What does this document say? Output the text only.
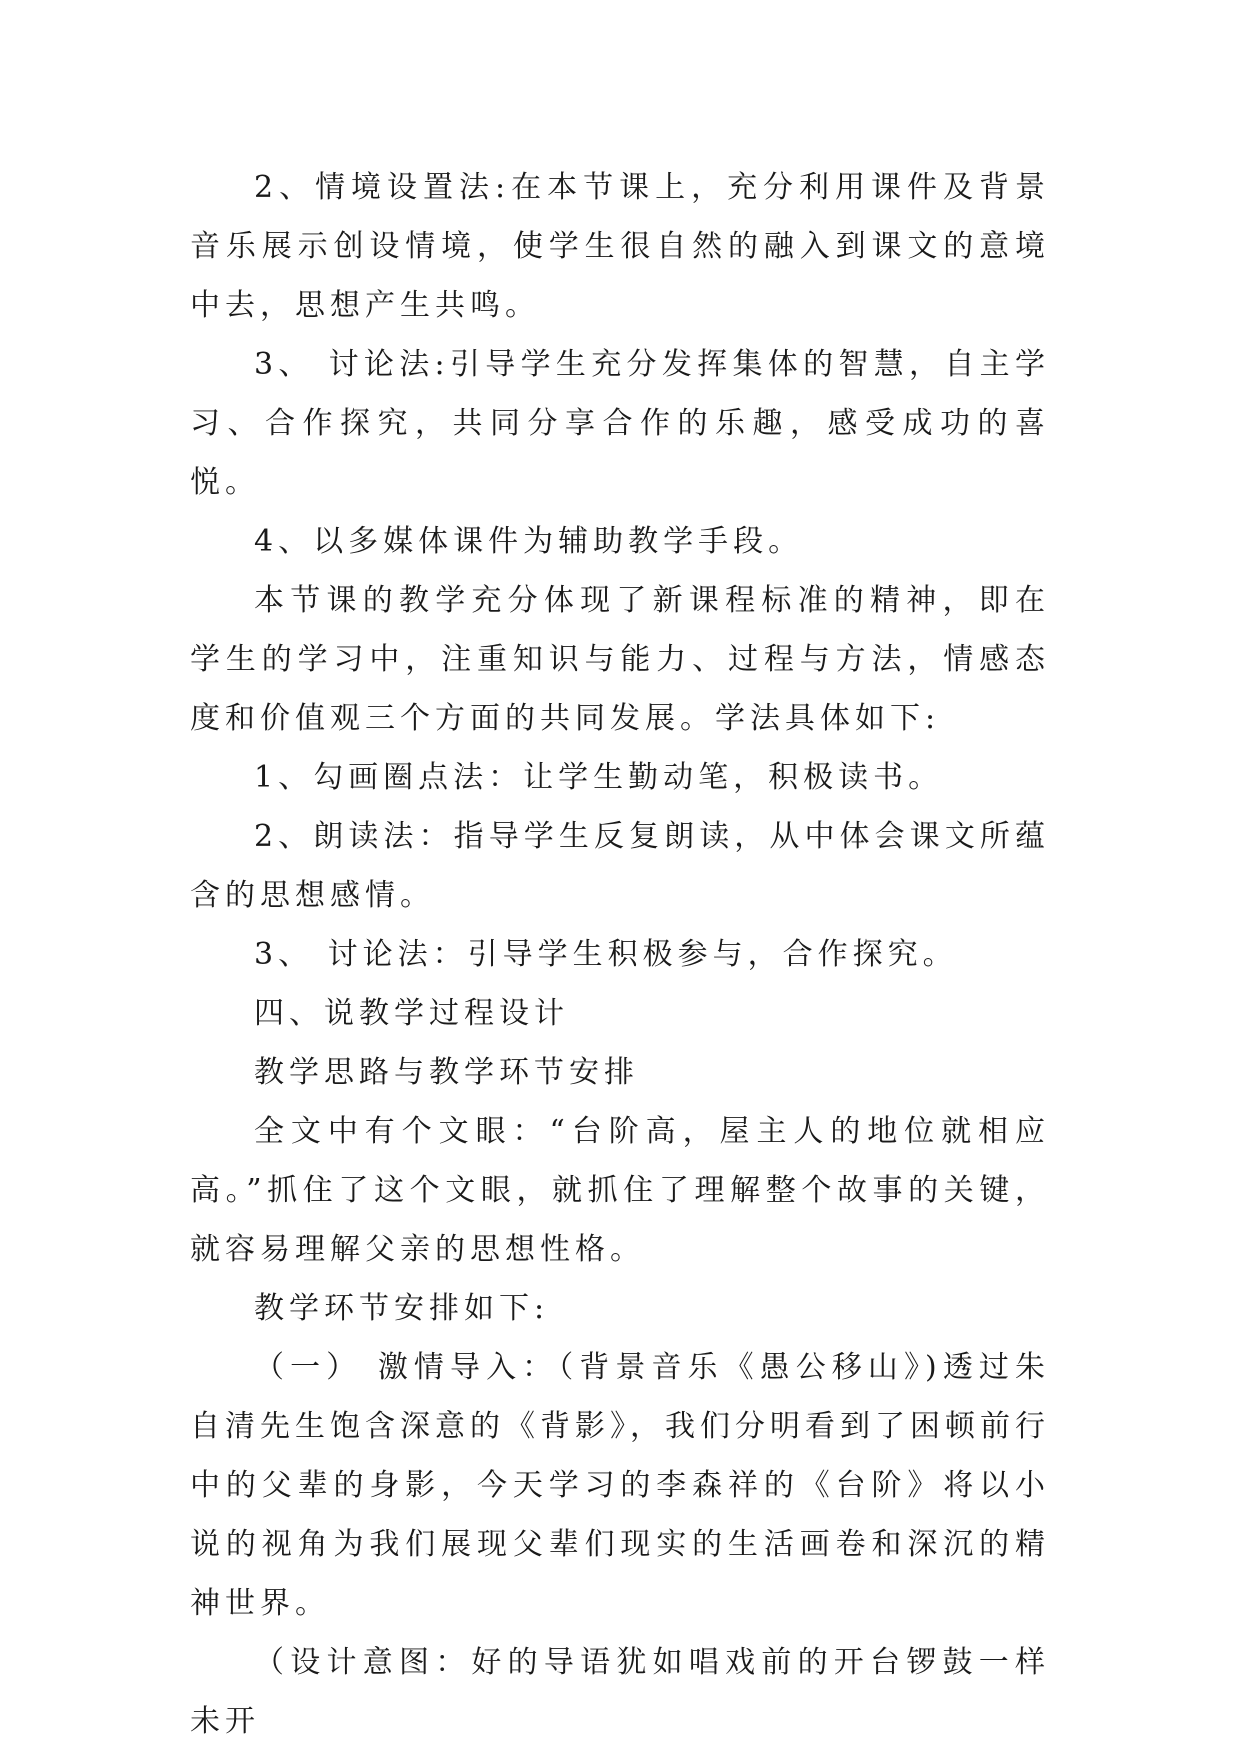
2、情境设置法:在本节课上，充分利用课件及背景音乐展示创设情境，使学生很自然的融入到课文的意境中去，思想产生共鸣。

3、 讨论法:引导学生充分发挥集体的智慧，自主学习、合作探究，共同分享合作的乐趣，感受成功的喜悦。

4、以多媒体课件为辅助教学手段。

本节课的教学充分体现了新课程标准的精神，即在学生的学习中，注重知识与能力、过程与方法，情感态度和价值观三个方面的共同发展。学法具体如下:

1、勾画圈点法：让学生勤动笔，积极读书。

2、朗读法：指导学生反复朗读，从中体会课文所蕴含的思想感情。

3、 讨论法：引导学生积极参与，合作探究。

四、说教学过程设计

教学思路与教学环节安排

全文中有个文眼：“台阶高，屋主人的地位就相应高。”抓住了这个文眼，就抓住了理解整个故事的关键，就容易理解父亲的思想性格。

教学环节安排如下:

（一） 激情导入：（背景音乐《愚公移山》)透过朱自清先生饱含深意的《背影》，我们分明看到了困顿前行中的父辈的身影，今天学习的李森祥的《台阶》将以小说的视角为我们展现父辈们现实的生活画卷和深沉的精神世界。

（设计意图：好的导语犹如唱戏前的开台锣鼓一样未开
